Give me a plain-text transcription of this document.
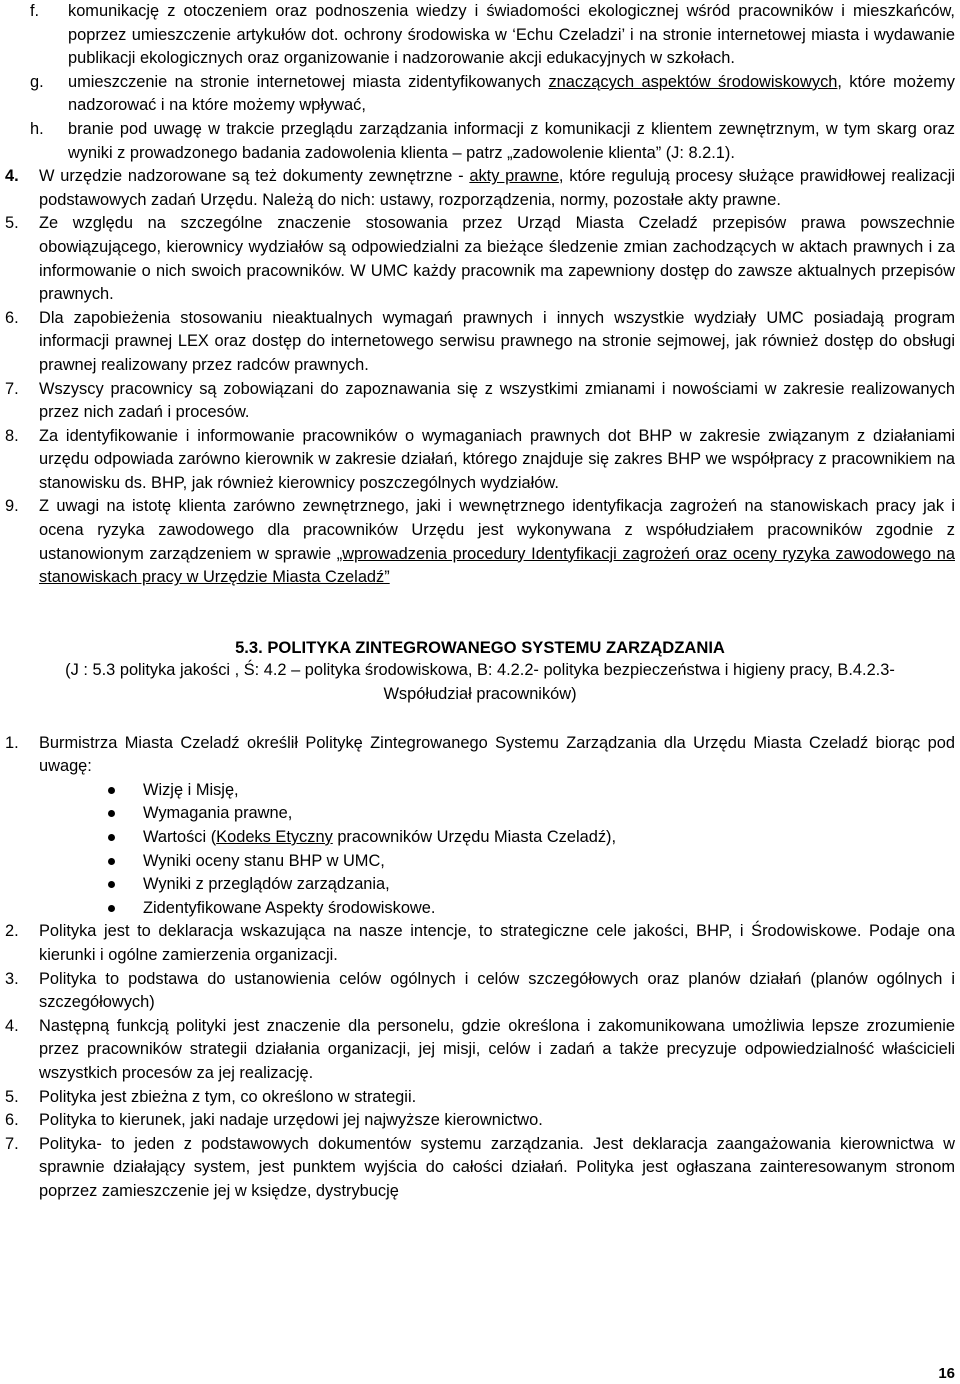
f. komunikację z otoczeniem oraz podnoszenia wiedzy i świadomości ekologicznej wśród pracowników i mieszkańców, poprzez umieszczenie artykułów dot. ochrony środowiska w ‘Echu Czeladzi’ i na stronie internetowej miasta i wydawanie publikacji ekologicznych oraz organizowanie i nadzorowanie akcji edukacyjnych w szkołach.
g. umieszczenie na stronie internetowej miasta zidentyfikowanych znaczących aspektów środowiskowych, które możemy nadzorować i na które możemy wpływać,
h. branie pod uwagę w trakcie przeglądu zarządzania informacji z komunikacji z klientem zewnętrznym, w tym skarg oraz wyniki z prowadzonego badania zadowolenia klienta – patrz „zadowolenie klienta” (J: 8.2.1).
4. W urzędzie nadzorowane są też dokumenty zewnętrzne - akty prawne, które regulują procesy służące prawidłowej realizacji podstawowych zadań Urzędu. Należą do nich: ustawy, rozporządzenia, normy, pozostałe akty prawne.
5. Ze względu na szczególne znaczenie stosowania przez Urząd Miasta Czeladź przepisów prawa powszechnie obowiązującego, kierownicy wydziałów są odpowiedzialni za bieżące śledzenie zmian zachodzących w aktach prawnych i za informowanie o nich swoich pracowników. W UMC każdy pracownik ma zapewniony dostęp do zawsze aktualnych przepisów prawnych.
6. Dla zapobieżenia stosowaniu nieaktualnych wymagań prawnych i innych wszystkie wydziały UMC posiadają program informacji prawnej LEX oraz dostęp do internetowego serwisu prawnego na stronie sejmowej, jak również dostęp do obsługi prawnej realizowany przez radców prawnych.
7. Wszyscy pracownicy są zobowiązani do zapoznawania się z wszystkimi zmianami i nowościami w zakresie realizowanych przez nich zadań i procesów.
8. Za identyfikowanie i informowanie pracowników o wymaganiach prawnych dot BHP w zakresie związanym z działaniami urzędu odpowiada zarówno kierownik w zakresie działań, którego znajduje się zakres BHP we współpracy z pracownikiem na stanowisku ds. BHP, jak również kierownicy poszczególnych wydziałów.
9. Z uwagi na istotę klienta zarówno zewnętrznego, jaki i wewnętrznego identyfikacja zagrożeń na stanowiskach pracy jak i ocena ryzyka zawodowego dla pracowników Urzędu jest wykonywana z współudziałem pracowników zgodnie z ustanowionym zarządzeniem w sprawie „wprowadzenia procedury Identyfikacji zagrożeń oraz oceny ryzyka zawodowego na stanowiskach pracy w Urzędzie Miasta Czeladź”
5.3. POLITYKA ZINTEGROWANEGO SYSTEMU ZARZĄDZANIA
(J : 5.3 polityka jakości , Ś: 4.2 – polityka środowiskowa, B: 4.2.2- polityka bezpieczeństwa i higieny pracy, B.4.2.3- Współudział pracowników)
1. Burmistrza Miasta Czeladź określił Politykę Zintegrowanego Systemu Zarządzania dla Urzędu Miasta Czeladź biorąc pod uwagę:
Wizję i Misję,
Wymagania prawne,
Wartości (Kodeks Etyczny pracowników Urzędu Miasta Czeladź),
Wyniki oceny stanu BHP w UMC,
Wyniki z przeglądów zarządzania,
Zidentyfikowane Aspekty środowiskowe.
2. Polityka jest to deklaracja wskazująca na nasze intencje, to strategiczne cele jakości, BHP, i Środowiskowe. Podaje ona kierunki i ogólne zamierzenia organizacji.
3. Polityka to podstawa do ustanowienia celów ogólnych i celów szczegółowych oraz planów działań (planów ogólnych i szczegółowych)
4. Następną funkcją polityki jest znaczenie dla personelu, gdzie określona i zakomunikowana umożliwia lepsze zrozumienie przez pracowników strategii działania organizacji, jej misji, celów i zadań a także precyzuje odpowiedzialność właścicieli wszystkich procesów za jej realizację.
5. Polityka jest zbieżna z tym, co określono w strategii.
6. Polityka to kierunek, jaki nadaje urzędowi jej najwyższe kierownictwo.
7. Polityka- to jeden z podstawowych dokumentów systemu zarządzania. Jest deklaracja zaangażowania kierownictwa w sprawnie działający system, jest punktem wyjścia do całości działań. Polityka jest ogłaszana zainteresowanym stronom poprzez zamieszczenie jej w księdze, dystrybucję
16
